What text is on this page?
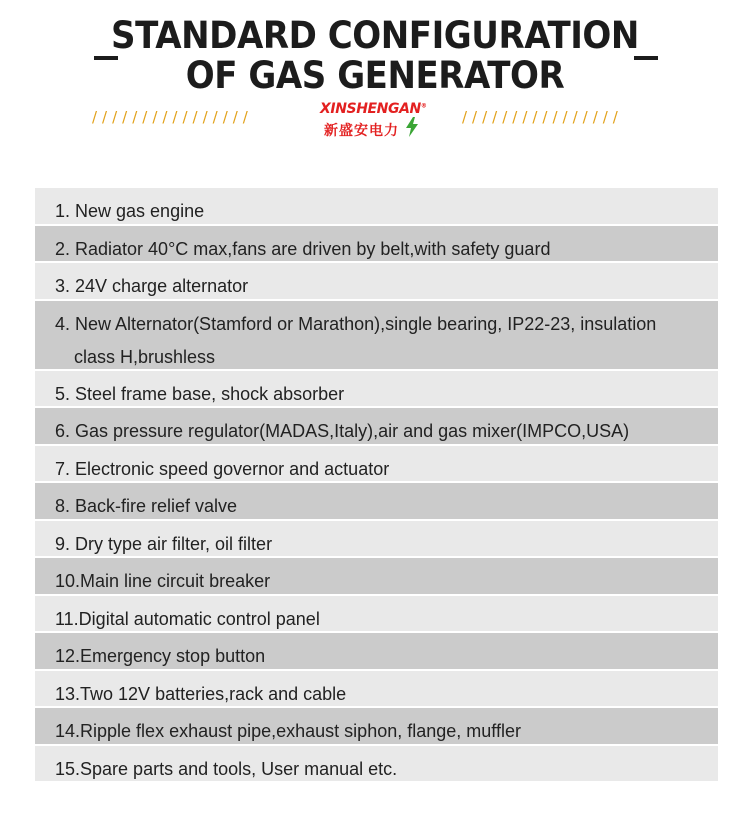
STANDARD CONFIGURATION
OF GAS GENERATOR
////////////////	////////////////
XINSHENGAN®
新盛安电力
1. New gas engine
2. Radiator 40°C max,fans are driven by belt,with safety guard
3. 24V charge alternator
4. New Alternator(Stamford or Marathon),single bearing, IP22-23, insulation
class H,brushless
5. Steel frame base, shock absorber
6. Gas pressure regulator(MADAS,Italy),air and gas mixer(IMPCO,USA)
7. Electronic speed governor and actuator
8. Back-fire relief valve
9. Dry type air filter, oil filter
10.Main line circuit breaker
11.Digital automatic control panel
12.Emergency stop button
13.Two 12V batteries,rack and cable
14.Ripple flex exhaust pipe,exhaust siphon, flange, muffler
15.Spare parts and tools, User manual etc.
